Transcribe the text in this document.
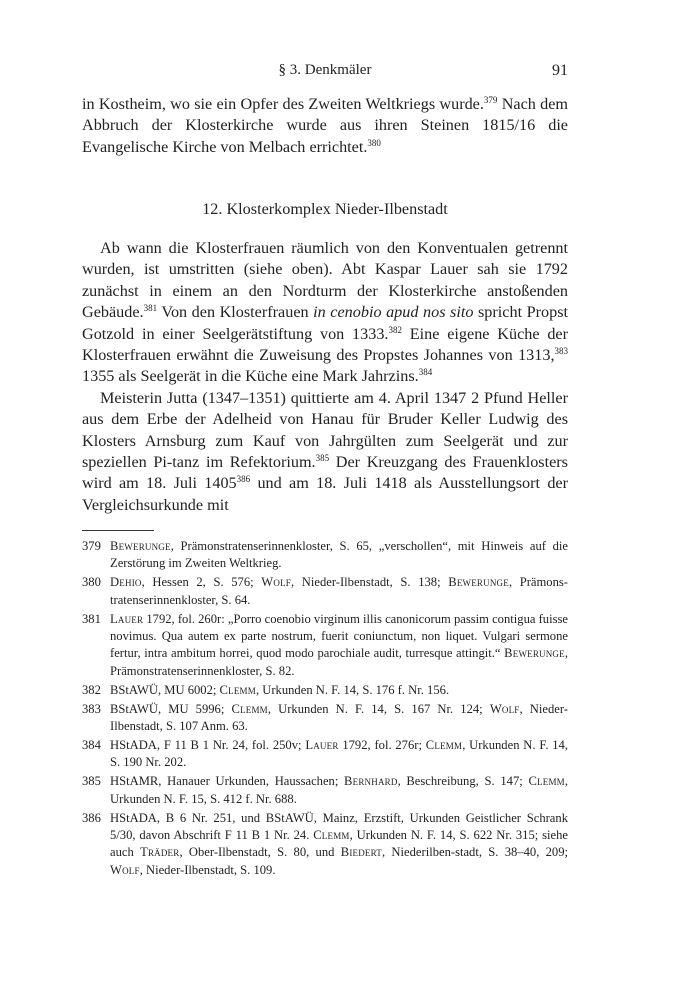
§ 3. Denkmäler	91

in Kostheim, wo sie ein Opfer des Zweiten Weltkriegs wurde.$^{379}$ Nach dem Abbruch der Klosterkirche wurde aus ihren Steinen 1815/16 die Evangelische Kirche von Melbach errichtet.$^{380}$

12. Klosterkomplex Nieder-Ilbenstadt

Ab wann die Klosterfrauen räumlich von den Konventualen getrennt wurden, ist umstritten (siehe oben). Abt Kaspar Lauer sah sie 1792 zunächst in einem an den Nordturm der Klosterkirche anstoßenden Gebäude.$^{381}$ Von den Klosterfrauen in cenobio apud nos sito spricht Propst Gotzold in einer Seelgerätstiftung von 1333.$^{382}$ Eine eigene Küche der Klosterfrauen erwähnt die Zuweisung des Propstes Johannes von 1313,$^{383}$ 1355 als Seelgerät in die Küche eine Mark Jahrzins.$^{384}$

Meisterin Jutta (1347–1351) quittierte am 4. April 1347 2 Pfund Heller aus dem Erbe der Adelheid von Hanau für Bruder Keller Ludwig des Klosters Arnsburg zum Kauf von Jahrgülten zum Seelgerät und zur speziellen Pi-tanz im Refektorium.$^{385}$ Der Kreuzgang des Frauenklosters wird am 18. Juli 1405$^{386}$ und am 18. Juli 1418 als Ausstellungsort der Vergleichsurkunde mit

379 Bewerunge, Prämonstratenserinnenkloster, S. 65, „verschollen“, mit Hinweis auf die Zerstörung im Zweiten Weltkrieg.

380 Dehio, Hessen 2, S. 576; Wolf, Nieder-Ilbenstadt, S. 138; Bewerunge, Prämons-tratenserinnenkloster, S. 64.

381 Lauer 1792, fol. 260r: „Porro coenobio virginum illis canonicorum passim contigua fuisse novimus. Qua autem ex parte nostrum, fuerit coniunctum, non liquet. Vulgari sermone fertur, intra ambitum horrei, quod modo parochiale audit, turresque attingit.“ Bewerunge, Prämonstratenserinnenkloster, S. 82.

382 BStAWÜ, MU 6002; Clemm, Urkunden N. F. 14, S. 176 f. Nr. 156.

383 BStAWÜ, MU 5996; Clemm, Urkunden N. F. 14, S. 167 Nr. 124; Wolf, Nieder-Ilbenstadt, S. 107 Anm. 63.

384 HStADA, F 11 B 1 Nr. 24, fol. 250v; Lauer 1792, fol. 276r; Clemm, Urkunden N. F. 14, S. 190 Nr. 202.

385 HStAMR, Hanauer Urkunden, Haussachen; Bernhard, Beschreibung, S. 147; Clemm, Urkunden N. F. 15, S. 412 f. Nr. 688.

386 HStADA, B 6 Nr. 251, und BStAWÜ, Mainz, Erzstift, Urkunden Geistlicher Schrank 5/30, davon Abschrift F 11 B 1 Nr. 24. Clemm, Urkunden N. F. 14, S. 622 Nr. 315; siehe auch Träder, Ober-Ilbenstadt, S. 80, und Biedert, Niederilben-stadt, S. 38–40, 209; Wolf, Nieder-Ilbenstadt, S. 109.
